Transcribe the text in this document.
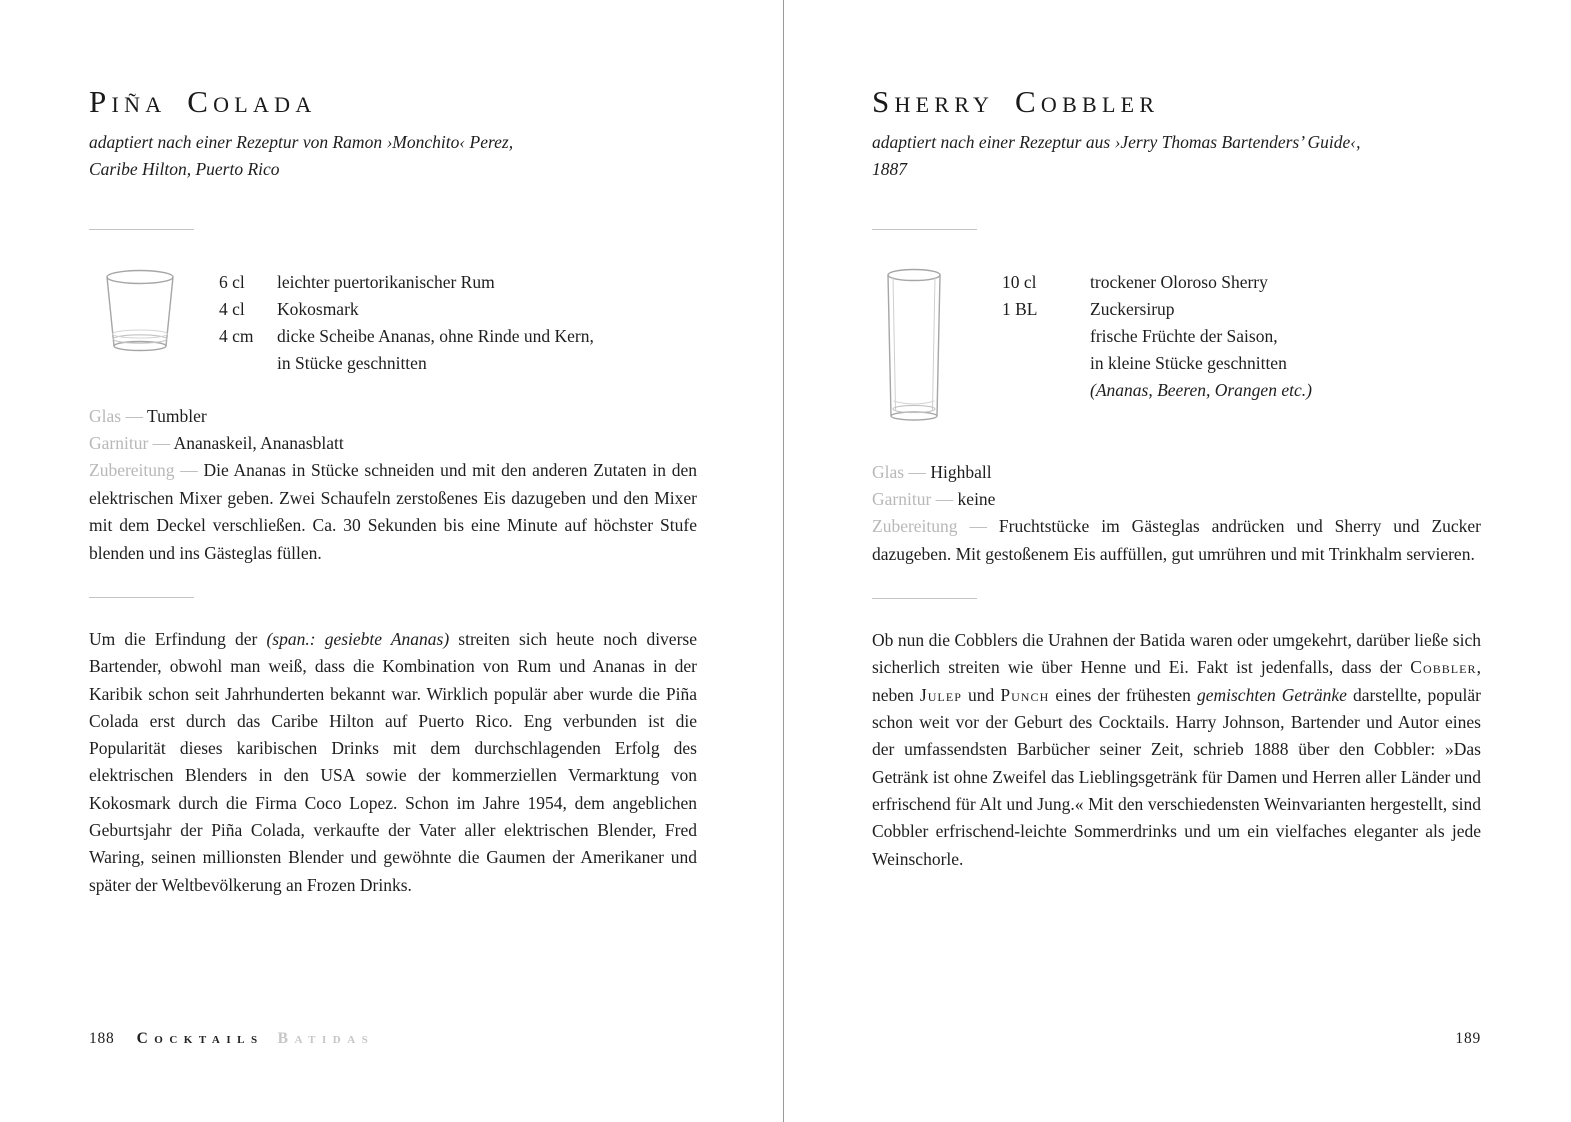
Piña Colada

adaptiert nach einer Rezeptur von Ramon ›Monchito‹ Perez,
Caribe Hilton, Puerto Rico

6 cl	leichter puertorikanischer Rum
4 cl	Kokosmark
4 cm	dicke Scheibe Ananas, ohne Rinde und Kern,
in Stücke geschnitten

Glas — Tumbler

Garnitur — Ananaskeil, Ananasblatt

Zubereitung — Die Ananas in Stücke schneiden und mit den anderen Zutaten in den elektrischen Mixer geben. Zwei Schaufeln zerstoßenes Eis dazugeben und den Mixer mit dem Deckel verschließen. Ca. 30 Sekunden bis eine Minute auf höchster Stufe blenden und ins Gästeglas füllen.

Um die Erfindung der (span.: gesiebte Ananas) streiten sich heute noch diverse Bartender, obwohl man weiß, dass die Kombination von Rum und Ananas in der Karibik schon seit Jahrhunderten bekannt war. Wirklich populär aber wurde die Piña Colada erst durch das Caribe Hilton auf Puerto Rico. Eng verbunden ist die Popularität dieses karibischen Drinks mit dem durchschlagenden Erfolg des elektrischen Blenders in den USA sowie der kommerziellen Vermarktung von Kokosmark durch die Firma Coco Lopez. Schon im Jahre 1954, dem angeblichen Geburtsjahr der Piña Colada, verkaufte der Vater aller elektrischen Blender, Fred Waring, seinen millionsten Blender und gewöhnte die Gaumen der Amerikaner und später der Weltbevölkerung an Frozen Drinks.

188 Cocktails Batidas
Sherry Cobbler

adaptiert nach einer Rezeptur aus ›Jerry Thomas Bartenders’ Guide‹,
1887

10 cl	trockener Oloroso Sherry
1 BL	Zuckersirup
frische Früchte der Saison,
in kleine Stücke geschnitten
(Ananas, Beeren, Orangen etc.)

Glas — Highball

Garnitur — keine

Zubereitung — Fruchtstücke im Gästeglas andrücken und Sherry und Zucker dazugeben. Mit gestoßenem Eis auffüllen, gut umrühren und mit Trinkhalm servieren.

Ob nun die Cobblers die Urahnen der Batida waren oder umgekehrt, darüber ließe sich sicherlich streiten wie über Henne und Ei. Fakt ist jedenfalls, dass der Cobbler, neben Julep und Punch eines der frühesten gemischten Getränke darstellte, populär schon weit vor der Geburt des Cocktails. Harry Johnson, Bartender und Autor eines der umfassendsten Barbücher seiner Zeit, schrieb 1888 über den Cobbler: »Das Getränk ist ohne Zweifel das Lieblingsgetränk für Damen und Herren aller Länder und erfrischend für Alt und Jung.« Mit den verschiedensten Weinvarianten hergestellt, sind Cobbler erfrischend-leichte Sommerdrinks und um ein vielfaches eleganter als jede Weinschorle.

189
